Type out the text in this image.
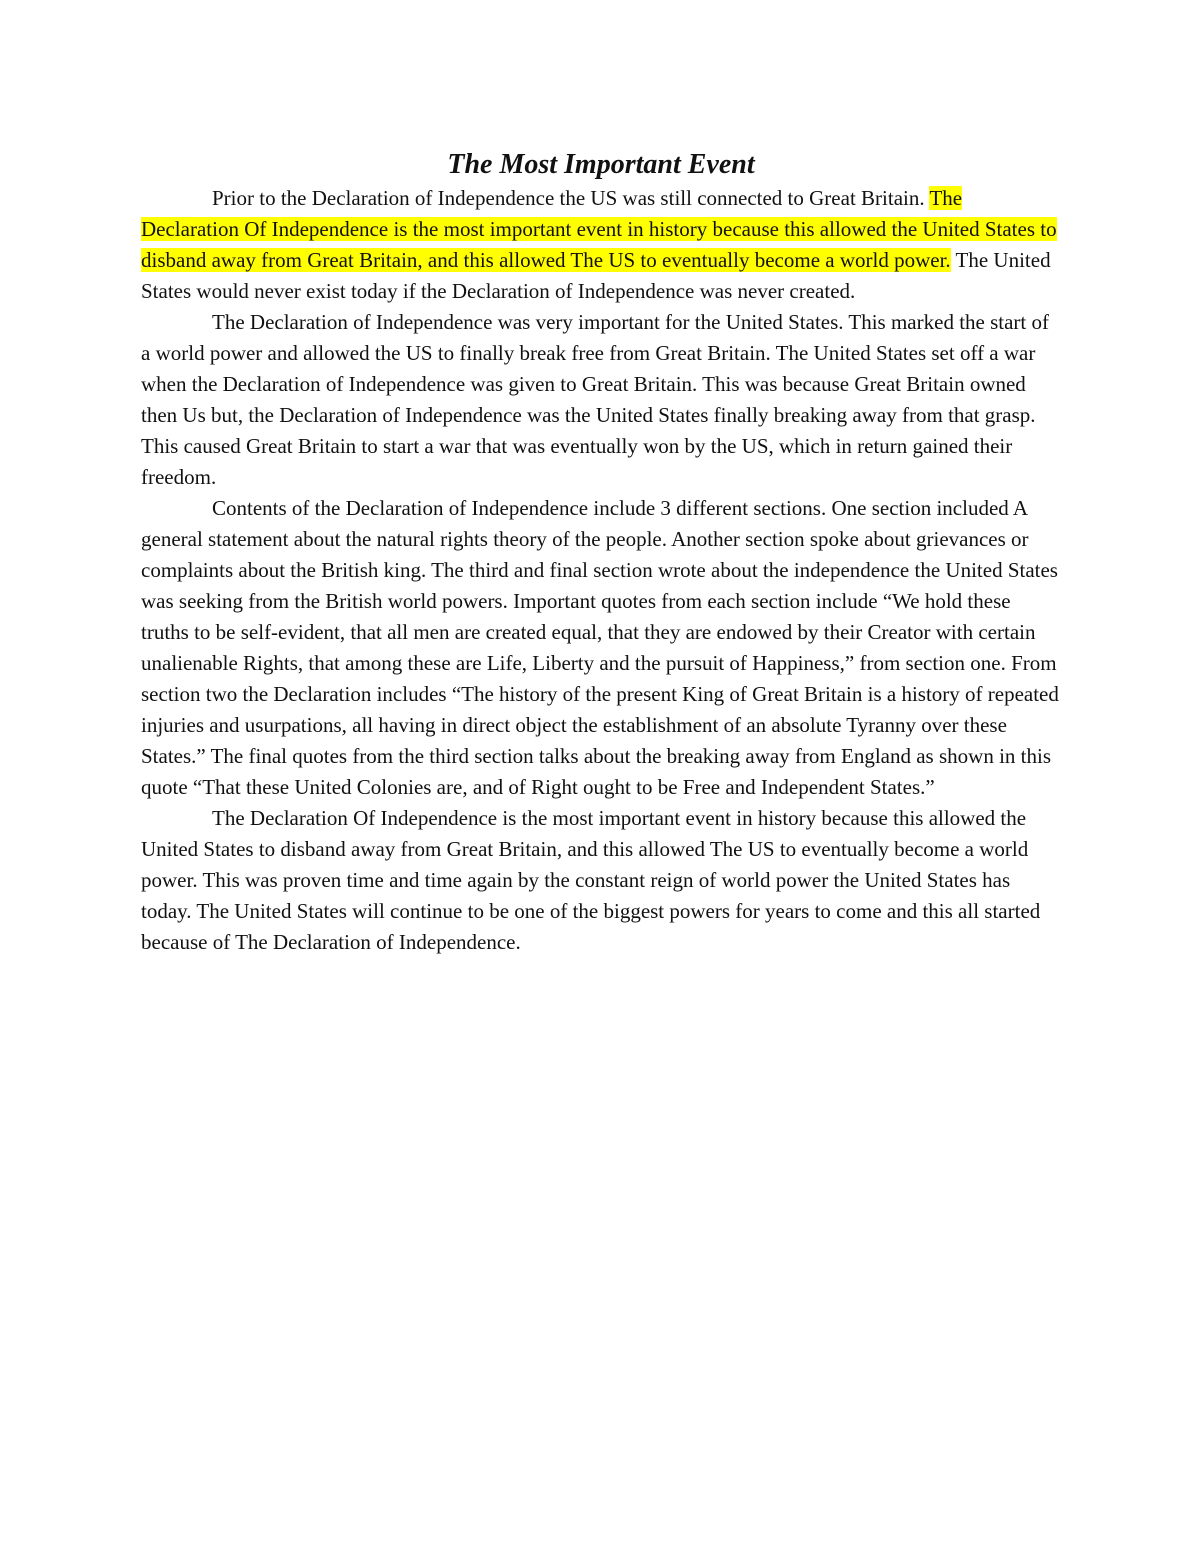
The Most Important Event

Prior to the Declaration of Independence the US was still connected to Great Britain. The Declaration Of Independence is the most important event in history because this allowed the United States to disband away from Great Britain, and this allowed The US to eventually become a world power. The United States would never exist today if the Declaration of Independence was never created.

The Declaration of Independence was very important for the United States. This marked the start of a world power and allowed the US to finally break free from Great Britain. The United States set off a war when the Declaration of Independence was given to Great Britain. This was because Great Britain owned then Us but, the Declaration of Independence was the United States finally breaking away from that grasp. This caused Great Britain to start a war that was eventually won by the US, which in return gained their freedom.

Contents of the Declaration of Independence include 3 different sections. One section included A general statement about the natural rights theory of the people. Another section spoke about grievances or complaints about the British king. The third and final section wrote about the independence the United States was seeking from the British world powers. Important quotes from each section include “We hold these truths to be self-evident, that all men are created equal, that they are endowed by their Creator with certain unalienable Rights, that among these are Life, Liberty and the pursuit of Happiness,” from section one. From section two the Declaration includes “The history of the present King of Great Britain is a history of repeated injuries and usurpations, all having in direct object the establishment of an absolute Tyranny over these States.” The final quotes from the third section talks about the breaking away from England as shown in this quote “That these United Colonies are, and of Right ought to be Free and Independent States.”

The Declaration Of Independence is the most important event in history because this allowed the United States to disband away from Great Britain, and this allowed The US to eventually become a world power. This was proven time and time again by the constant reign of world power the United States has today. The United States will continue to be one of the biggest powers for years to come and this all started because of The Declaration of Independence.
